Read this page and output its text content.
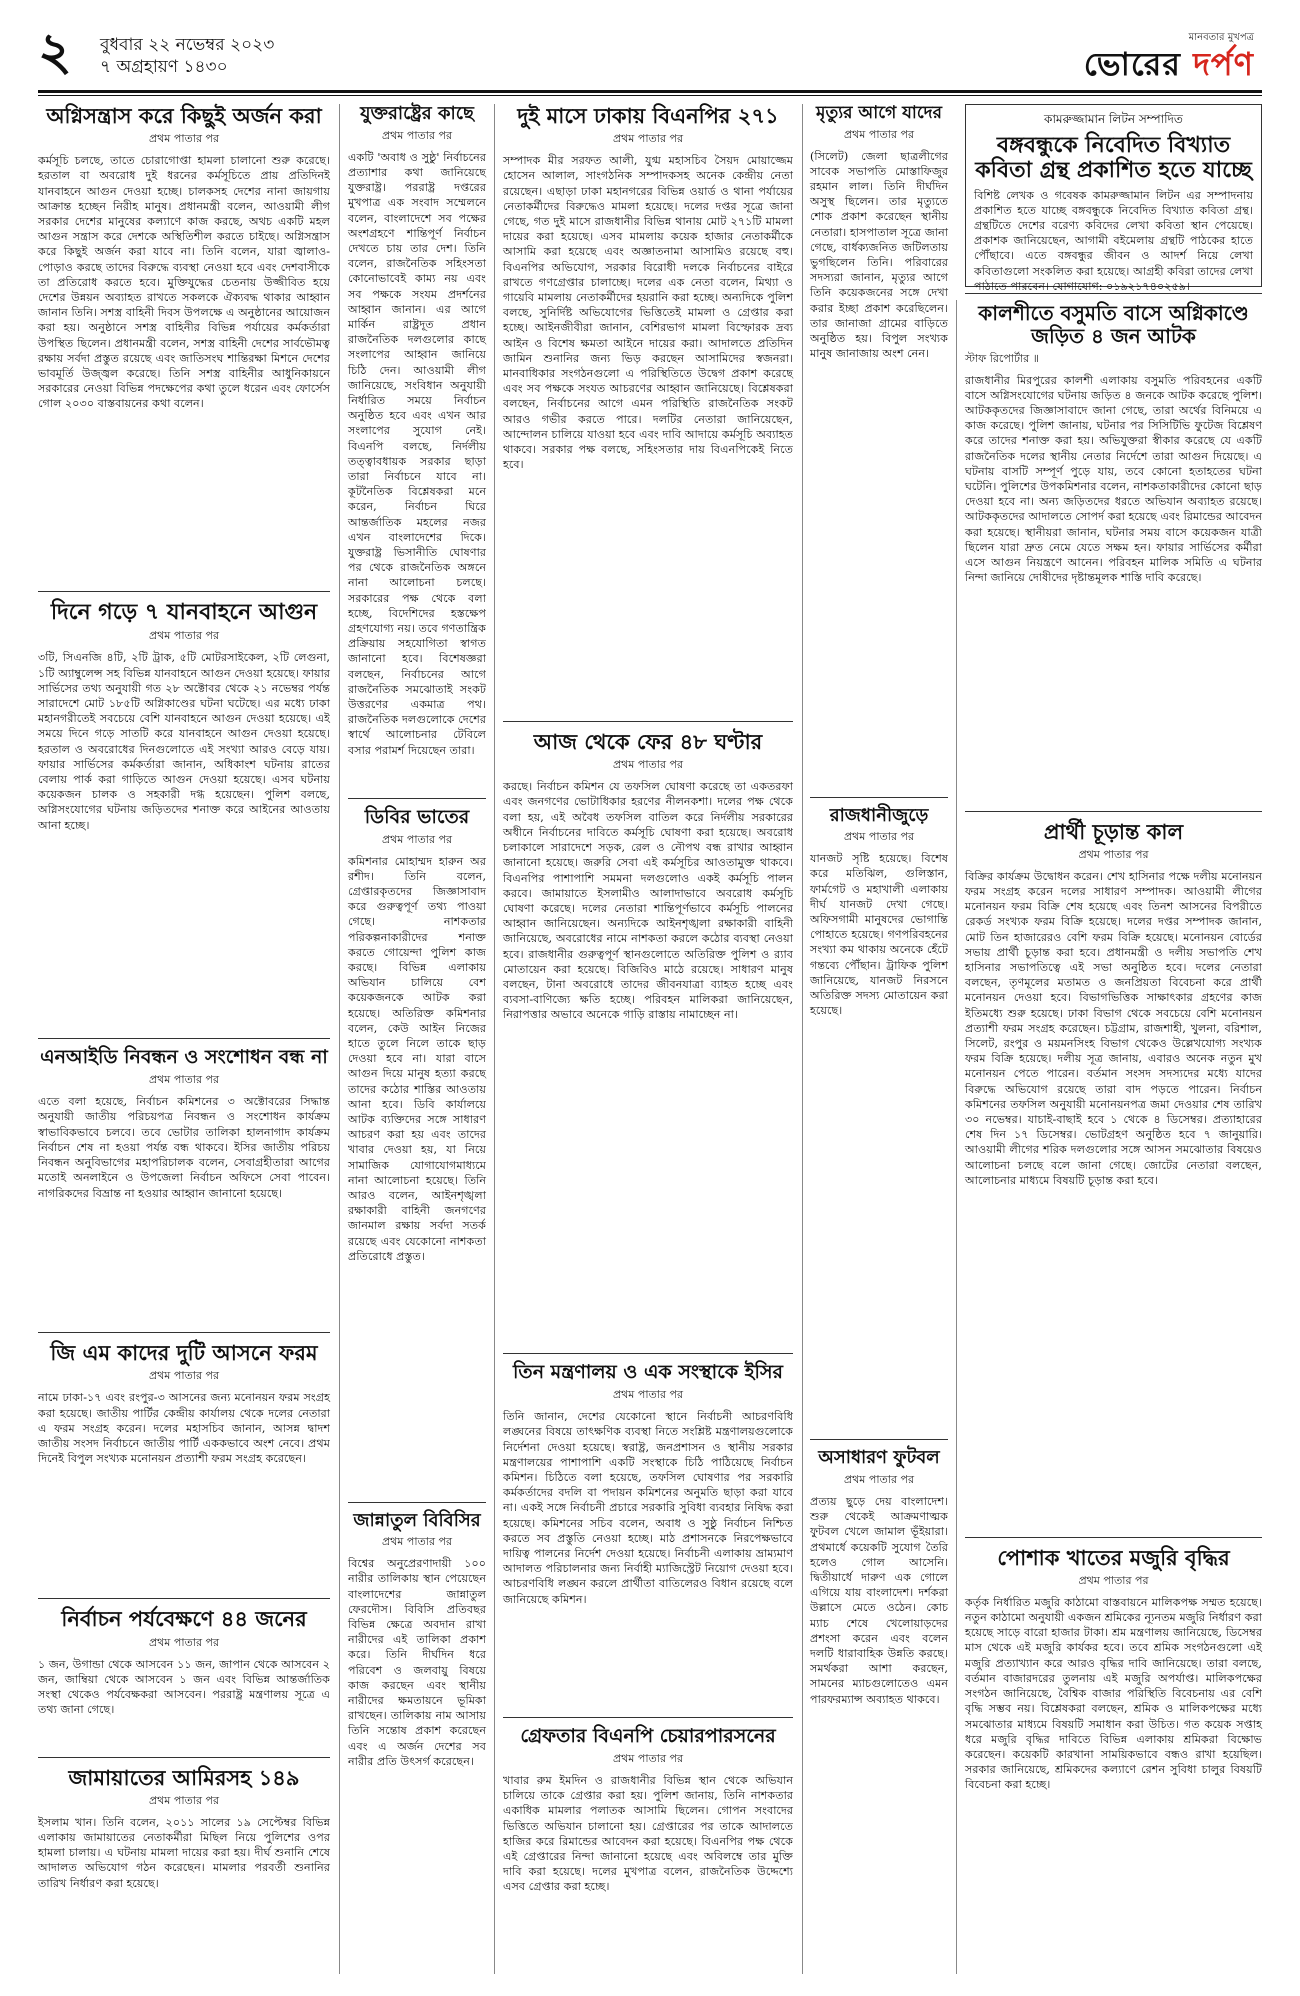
২ বুধবার ২২ নভেম্বর ২০২৩
৭ অগ্রহায়ণ ১৪৩০
মানবতার মুখপত্র
ভোরের দর্পণ
অগ্নিসন্ত্রাস করে কিছুই অর্জন করা
প্রথম পাতার পর

কর্মসূচি চলছে, তাতে চোরাগোপ্তা হামলা চালানো শুরু করেছে। হরতাল বা অবরোধ দুই ধরনের কর্মসূচিতে প্রায় প্রতিদিনই যানবাহনে আগুন দেওয়া হচ্ছে। চালকসহ দেশের নানা জায়গায় আক্রান্ত হচ্ছেন নিরীহ মানুষ। প্রধানমন্ত্রী বলেন, আওয়ামী লীগ সরকার দেশের মানুষের কল্যাণে কাজ করছে, অথচ একটি মহল আগুন সন্ত্রাস করে দেশকে অস্থিতিশীল করতে চাইছে। অগ্নিসন্ত্রাস করে কিছুই অর্জন করা যাবে না। তিনি বলেন, যারা জ্বালাও-পোড়াও করছে তাদের বিরুদ্ধে ব্যবস্থা নেওয়া হবে এবং দেশবাসীকে তা প্রতিরোধ করতে হবে। মুক্তিযুদ্ধের চেতনায় উজ্জীবিত হয়ে দেশের উন্নয়ন অব্যাহত রাখতে সকলকে ঐক্যবদ্ধ থাকার আহ্বান জানান তিনি। সশস্ত্র বাহিনী দিবস উপলক্ষে এ অনুষ্ঠানের আয়োজন করা হয়। অনুষ্ঠানে সশস্ত্র বাহিনীর বিভিন্ন পর্যায়ের কর্মকর্তারা উপস্থিত ছিলেন। প্রধানমন্ত্রী বলেন, সশস্ত্র বাহিনী দেশের সার্বভৌমত্ব রক্ষায় সর্বদা প্রস্তুত রয়েছে এবং জাতিসংঘ শান্তিরক্ষা মিশনে দেশের ভাবমূর্তি উজ্জ্বল করেছে। তিনি সশস্ত্র বাহিনীর আধুনিকায়নে সরকারের নেওয়া বিভিন্ন পদক্ষেপের কথা তুলে ধরেন এবং ফোর্সেস গোল ২০৩০ বাস্তবায়নের কথা বলেন।

দিনে গড়ে ৭ যানবাহনে আগুন
প্রথম পাতার পর

৩টি, সিএনজি ৪টি, ২টি ট্রাক, ৫টি মোটরসাইকেল, ২টি লেগুনা, ১টি অ্যাম্বুলেন্স সহ বিভিন্ন যানবাহনে আগুন দেওয়া হয়েছে। ফায়ার সার্ভিসের তথ্য অনুযায়ী গত ২৮ অক্টোবর থেকে ২১ নভেম্বর পর্যন্ত সারাদেশে মোট ১৮৫টি অগ্নিকাণ্ডের ঘটনা ঘটেছে। এর মধ্যে ঢাকা মহানগরীতেই সবচেয়ে বেশি যানবাহনে আগুন দেওয়া হয়েছে। এই সময়ে দিনে গড়ে সাতটি করে যানবাহনে আগুন দেওয়া হয়েছে। হরতাল ও অবরোধের দিনগুলোতে এই সংখ্যা আরও বেড়ে যায়। ফায়ার সার্ভিসের কর্মকর্তারা জানান, অধিকাংশ ঘটনায় রাতের বেলায় পার্ক করা গাড়িতে আগুন দেওয়া হয়েছে। এসব ঘটনায় কয়েকজন চালক ও সহকারী দগ্ধ হয়েছেন। পুলিশ বলছে, অগ্নিসংযোগের ঘটনায় জড়িতদের শনাক্ত করে আইনের আওতায় আনা হচ্ছে।

এনআইডি নিবন্ধন ও সংশোধন বন্ধ না
প্রথম পাতার পর

এতে বলা হয়েছে, নির্বাচন কমিশনের ৩ অক্টোবরের সিদ্ধান্ত অনুযায়ী জাতীয় পরিচয়পত্র নিবন্ধন ও সংশোধন কার্যক্রম স্বাভাবিকভাবে চলবে। তবে ভোটার তালিকা হালনাগাদ কার্যক্রম নির্বাচন শেষ না হওয়া পর্যন্ত বন্ধ থাকবে। ইসির জাতীয় পরিচয় নিবন্ধন অনুবিভাগের মহাপরিচালক বলেন, সেবাগ্রহীতারা আগের মতোই অনলাইনে ও উপজেলা নির্বাচন অফিসে সেবা পাবেন। নাগরিকদের বিভ্রান্ত না হওয়ার আহ্বান জানানো হয়েছে।

জি এম কাদের দুটি আসনে ফরম
প্রথম পাতার পর

নামে ঢাকা-১৭ এবং রংপুর-৩ আসনের জন্য মনোনয়ন ফরম সংগ্রহ করা হয়েছে। জাতীয় পার্টির কেন্দ্রীয় কার্যালয় থেকে দলের নেতারা এ ফরম সংগ্রহ করেন। দলের মহাসচিব জানান, আসন্ন দ্বাদশ জাতীয় সংসদ নির্বাচনে জাতীয় পার্টি এককভাবে অংশ নেবে। প্রথম দিনেই বিপুল সংখ্যক মনোনয়ন প্রত্যাশী ফরম সংগ্রহ করেছেন।

নির্বাচন পর্যবেক্ষণে ৪৪ জনের
প্রথম পাতার পর

১ জন, উগান্ডা থেকে আসবেন ১১ জন, জাপান থেকে আসবেন ২ জন, জাম্বিয়া থেকে আসবেন ১ জন এবং বিভিন্ন আন্তর্জাতিক সংস্থা থেকেও পর্যবেক্ষকরা আসবেন। পররাষ্ট্র মন্ত্রণালয় সূত্রে এ তথ্য জানা গেছে।

জামায়াতের আমিরসহ ১৪৯
প্রথম পাতার পর

ইসলাম খান। তিনি বলেন, ২০১১ সালের ১৯ সেপ্টেম্বর বিভিন্ন এলাকায় জামায়াতের নেতাকর্মীরা মিছিল নিয়ে পুলিশের ওপর হামলা চালায়। এ ঘটনায় মামলা দায়ের করা হয়। দীর্ঘ শুনানি শেষে আদালত অভিযোগ গঠন করেছেন। মামলার পরবর্তী শুনানির তারিখ নির্ধারণ করা হয়েছে।

যুক্তরাষ্ট্রের কাছে
প্রথম পাতার পর

একটি 'অবাধ ও সুষ্ঠু' নির্বাচনের প্রত্যাশার কথা জানিয়েছে যুক্তরাষ্ট্র। পররাষ্ট্র দপ্তরের মুখপাত্র এক সংবাদ সম্মেলনে বলেন, বাংলাদেশে সব পক্ষের অংশগ্রহণে শান্তিপূর্ণ নির্বাচন দেখতে চায় তার দেশ। তিনি বলেন, রাজনৈতিক সহিংসতা কোনোভাবেই কাম্য নয় এবং সব পক্ষকে সংযম প্রদর্শনের আহ্বান জানান। এর আগে মার্কিন রাষ্ট্রদূত প্রধান রাজনৈতিক দলগুলোর কাছে সংলাপের আহ্বান জানিয়ে চিঠি দেন। আওয়ামী লীগ জানিয়েছে, সংবিধান অনুযায়ী নির্ধারিত সময়ে নির্বাচন অনুষ্ঠিত হবে এবং এখন আর সংলাপের সুযোগ নেই। বিএনপি বলছে, নির্দলীয় তত্ত্বাবধায়ক সরকার ছাড়া তারা নির্বাচনে যাবে না। কূটনৈতিক বিশ্লেষকরা মনে করেন, নির্বাচন ঘিরে আন্তর্জাতিক মহলের নজর এখন বাংলাদেশের দিকে। যুক্তরাষ্ট্র ভিসানীতি ঘোষণার পর থেকে রাজনৈতিক অঙ্গনে নানা আলোচনা চলছে। সরকারের পক্ষ থেকে বলা হচ্ছে, বিদেশিদের হস্তক্ষেপ গ্রহণযোগ্য নয়। তবে গণতান্ত্রিক প্রক্রিয়ায় সহযোগিতা স্বাগত জানানো হবে। বিশেষজ্ঞরা বলছেন, নির্বাচনের আগে রাজনৈতিক সমঝোতাই সংকট উত্তরণের একমাত্র পথ। রাজনৈতিক দলগুলোকে দেশের স্বার্থে আলোচনার টেবিলে বসার পরামর্শ দিয়েছেন তারা।

ডিবির ভাতের
প্রথম পাতার পর

কমিশনার মোহাম্মদ হারুন অর রশীদ। তিনি বলেন, গ্রেপ্তারকৃতদের জিজ্ঞাসাবাদ করে গুরুত্বপূর্ণ তথ্য পাওয়া গেছে। নাশকতার পরিকল্পনাকারীদের শনাক্ত করতে গোয়েন্দা পুলিশ কাজ করছে। বিভিন্ন এলাকায় অভিযান চালিয়ে বেশ কয়েকজনকে আটক করা হয়েছে। অতিরিক্ত কমিশনার বলেন, কেউ আইন নিজের হাতে তুলে নিলে তাকে ছাড় দেওয়া হবে না। যারা বাসে আগুন দিয়ে মানুষ হত্যা করছে তাদের কঠোর শাস্তির আওতায় আনা হবে। ডিবি কার্যালয়ে আটক ব্যক্তিদের সঙ্গে সাধারণ আচরণ করা হয় এবং তাদের খাবার দেওয়া হয়, যা নিয়ে সামাজিক যোগাযোগমাধ্যমে নানা আলোচনা হয়েছে। তিনি আরও বলেন, আইনশৃঙ্খলা রক্ষাকারী বাহিনী জনগণের জানমাল রক্ষায় সর্বদা সতর্ক রয়েছে এবং যেকোনো নাশকতা প্রতিরোধে প্রস্তুত।

জান্নাতুল বিবিসির
প্রথম পাতার পর

বিশ্বের অনুপ্রেরণাদায়ী ১০০ নারীর তালিকায় স্থান পেয়েছেন বাংলাদেশের জান্নাতুল ফেরদৌস। বিবিসি প্রতিবছর বিভিন্ন ক্ষেত্রে অবদান রাখা নারীদের এই তালিকা প্রকাশ করে। তিনি দীর্ঘদিন ধরে পরিবেশ ও জলবায়ু বিষয়ে কাজ করছেন এবং স্থানীয় নারীদের ক্ষমতায়নে ভূমিকা রাখছেন। তালিকায় নাম আসায় তিনি সন্তোষ প্রকাশ করেছেন এবং এ অর্জন দেশের সব নারীর প্রতি উৎসর্গ করেছেন।

দুই মাসে ঢাকায় বিএনপির ২৭১
প্রথম পাতার পর

সম্পাদক মীর সরফত আলী, যুগ্ম মহাসচিব সৈয়দ মোয়াজ্জেম হোসেন আলাল, সাংগঠনিক সম্পাদকসহ অনেক কেন্দ্রীয় নেতা রয়েছেন। এছাড়া ঢাকা মহানগরের বিভিন্ন ওয়ার্ড ও থানা পর্যায়ের নেতাকর্মীদের বিরুদ্ধেও মামলা হয়েছে। দলের দপ্তর সূত্রে জানা গেছে, গত দুই মাসে রাজধানীর বিভিন্ন থানায় মোট ২৭১টি মামলা দায়ের করা হয়েছে। এসব মামলায় কয়েক হাজার নেতাকর্মীকে আসামি করা হয়েছে এবং অজ্ঞাতনামা আসামিও রয়েছে বহু। বিএনপির অভিযোগ, সরকার বিরোধী দলকে নির্বাচনের বাইরে রাখতে গণগ্রেপ্তার চালাচ্ছে। দলের এক নেতা বলেন, মিথ্যা ও গায়েবি মামলায় নেতাকর্মীদের হয়রানি করা হচ্ছে। অন্যদিকে পুলিশ বলছে, সুনির্দিষ্ট অভিযোগের ভিত্তিতেই মামলা ও গ্রেপ্তার করা হচ্ছে। আইনজীবীরা জানান, বেশিরভাগ মামলা বিস্ফোরক দ্রব্য আইন ও বিশেষ ক্ষমতা আইনে দায়ের করা। আদালতে প্রতিদিন জামিন শুনানির জন্য ভিড় করছেন আসামিদের স্বজনরা। মানবাধিকার সংগঠনগুলো এ পরিস্থিতিতে উদ্বেগ প্রকাশ করেছে এবং সব পক্ষকে সংযত আচরণের আহ্বান জানিয়েছে। বিশ্লেষকরা বলছেন, নির্বাচনের আগে এমন পরিস্থিতি রাজনৈতিক সংকট আরও গভীর করতে পারে। দলটির নেতারা জানিয়েছেন, আন্দোলন চালিয়ে যাওয়া হবে এবং দাবি আদায়ে কর্মসূচি অব্যাহত থাকবে। সরকার পক্ষ বলছে, সহিংসতার দায় বিএনপিকেই নিতে হবে।

আজ থেকে ফের ৪৮ ঘণ্টার
প্রথম পাতার পর

করছে। নির্বাচন কমিশন যে তফসিল ঘোষণা করেছে তা একতরফা এবং জনগণের ভোটাধিকার হরণের নীলনকশা। দলের পক্ষ থেকে বলা হয়, এই অবৈধ তফসিল বাতিল করে নির্দলীয় সরকারের অধীনে নির্বাচনের দাবিতে কর্মসূচি ঘোষণা করা হয়েছে। অবরোধ চলাকালে সারাদেশে সড়ক, রেল ও নৌপথ বন্ধ রাখার আহ্বান জানানো হয়েছে। জরুরি সেবা এই কর্মসূচির আওতামুক্ত থাকবে। বিএনপির পাশাপাশি সমমনা দলগুলোও একই কর্মসূচি পালন করবে। জামায়াতে ইসলামীও আলাদাভাবে অবরোধ কর্মসূচি ঘোষণা করেছে। দলের নেতারা শান্তিপূর্ণভাবে কর্মসূচি পালনের আহ্বান জানিয়েছেন। অন্যদিকে আইনশৃঙ্খলা রক্ষাকারী বাহিনী জানিয়েছে, অবরোধের নামে নাশকতা করলে কঠোর ব্যবস্থা নেওয়া হবে। রাজধানীর গুরুত্বপূর্ণ স্থানগুলোতে অতিরিক্ত পুলিশ ও র‌্যাব মোতায়েন করা হয়েছে। বিজিবিও মাঠে রয়েছে। সাধারণ মানুষ বলছেন, টানা অবরোধে তাদের জীবনযাত্রা ব্যাহত হচ্ছে এবং ব্যবসা-বাণিজ্যে ক্ষতি হচ্ছে। পরিবহন মালিকরা জানিয়েছেন, নিরাপত্তার অভাবে অনেকে গাড়ি রাস্তায় নামাচ্ছেন না।

তিন মন্ত্রণালয় ও এক সংস্থাকে ইসির
প্রথম পাতার পর

তিনি জানান, দেশের যেকোনো স্থানে নির্বাচনী আচরণবিধি লঙ্ঘনের বিষয়ে তাৎক্ষণিক ব্যবস্থা নিতে সংশ্লিষ্ট মন্ত্রণালয়গুলোকে নির্দেশনা দেওয়া হয়েছে। স্বরাষ্ট্র, জনপ্রশাসন ও স্থানীয় সরকার মন্ত্রণালয়ের পাশাপাশি একটি সংস্থাকে চিঠি পাঠিয়েছে নির্বাচন কমিশন। চিঠিতে বলা হয়েছে, তফসিল ঘোষণার পর সরকারি কর্মকর্তাদের বদলি বা পদায়ন কমিশনের অনুমতি ছাড়া করা যাবে না। একই সঙ্গে নির্বাচনী প্রচারে সরকারি সুবিধা ব্যবহার নিষিদ্ধ করা হয়েছে। কমিশনের সচিব বলেন, অবাধ ও সুষ্ঠু নির্বাচন নিশ্চিত করতে সব প্রস্তুতি নেওয়া হচ্ছে। মাঠ প্রশাসনকে নিরপেক্ষভাবে দায়িত্ব পালনের নির্দেশ দেওয়া হয়েছে। নির্বাচনী এলাকায় ভ্রাম্যমাণ আদালত পরিচালনার জন্য নির্বাহী ম্যাজিস্ট্রেট নিয়োগ দেওয়া হবে। আচরণবিধি লঙ্ঘন করলে প্রার্থীতা বাতিলেরও বিধান রয়েছে বলে জানিয়েছে কমিশন।

গ্রেফতার বিএনপি চেয়ারপারসনের
প্রথম পাতার পর

খাবার রুম ইমদিন ও রাজধানীর বিভিন্ন স্থান থেকে অভিযান চালিয়ে তাকে গ্রেপ্তার করা হয়। পুলিশ জানায়, তিনি নাশকতার একাধিক মামলার পলাতক আসামি ছিলেন। গোপন সংবাদের ভিত্তিতে অভিযান চালানো হয়। গ্রেপ্তারের পর তাকে আদালতে হাজির করে রিমান্ডের আবেদন করা হয়েছে। বিএনপির পক্ষ থেকে এই গ্রেপ্তারের নিন্দা জানানো হয়েছে এবং অবিলম্বে তার মুক্তি দাবি করা হয়েছে। দলের মুখপাত্র বলেন, রাজনৈতিক উদ্দেশ্যে এসব গ্রেপ্তার করা হচ্ছে।

মৃত্যুর আগে যাদের
প্রথম পাতার পর

(সিলেট) জেলা ছাত্রলীগের সাবেক সভাপতি মোস্তাফিজুর রহমান লাল। তিনি দীর্ঘদিন অসুস্থ ছিলেন। তার মৃত্যুতে শোক প্রকাশ করেছেন স্থানীয় নেতারা। হাসপাতাল সূত্রে জানা গেছে, বার্ধক্যজনিত জটিলতায় ভুগছিলেন তিনি। পরিবারের সদস্যরা জানান, মৃত্যুর আগে তিনি কয়েকজনের সঙ্গে দেখা করার ইচ্ছা প্রকাশ করেছিলেন। তার জানাজা গ্রামের বাড়িতে অনুষ্ঠিত হয়। বিপুল সংখ্যক মানুষ জানাজায় অংশ নেন।

রাজধানীজুড়ে
প্রথম পাতার পর

যানজট সৃষ্টি হয়েছে। বিশেষ করে মতিঝিল, গুলিস্তান, ফার্মগেট ও মহাখালী এলাকায় দীর্ঘ যানজট দেখা গেছে। অফিসগামী মানুষদের ভোগান্তি পোহাতে হয়েছে। গণপরিবহনের সংখ্যা কম থাকায় অনেকে হেঁটে গন্তব্যে পৌঁছান। ট্রাফিক পুলিশ জানিয়েছে, যানজট নিরসনে অতিরিক্ত সদস্য মোতায়েন করা হয়েছে।

অসাধারণ ফুটবল
প্রথম পাতার পর

প্রত্যয় ছুড়ে দেয় বাংলাদেশ। শুরু থেকেই আক্রমণাত্মক ফুটবল খেলে জামাল ভূঁইয়ারা। প্রথমার্ধে কয়েকটি সুযোগ তৈরি হলেও গোল আসেনি। দ্বিতীয়ার্ধে দারুণ এক গোলে এগিয়ে যায় বাংলাদেশ। দর্শকরা উল্লাসে মেতে ওঠেন। কোচ ম্যাচ শেষে খেলোয়াড়দের প্রশংসা করেন এবং বলেন দলটি ধারাবাহিক উন্নতি করছে। সমর্থকরা আশা করছেন, সামনের ম্যাচগুলোতেও এমন পারফরম্যান্স অব্যাহত থাকবে।

কামরুজ্জামান লিটন সম্পাদিত
বঙ্গবন্ধুকে নিবেদিত বিখ্যাত কবিতা গ্রন্থ প্রকাশিত হতে যাচ্ছে

বিশিষ্ট লেখক ও গবেষক কামরুজ্জামান লিটন এর সম্পাদনায় প্রকাশিত হতে যাচ্ছে বঙ্গবন্ধুকে নিবেদিত বিখ্যাত কবিতা গ্রন্থ। গ্রন্থটিতে দেশের বরেণ্য কবিদের লেখা কবিতা স্থান পেয়েছে। প্রকাশক জানিয়েছেন, আগামী বইমেলায় গ্রন্থটি পাঠকের হাতে পৌঁছাবে। এতে বঙ্গবন্ধুর জীবন ও আদর্শ নিয়ে লেখা কবিতাগুলো সংকলিত করা হয়েছে। আগ্রহী কবিরা তাদের লেখা পাঠাতে পারবেন। যোগাযোগ: ০১৯২১৭৪০২৫৯।

কালশীতে বসুমতি বাসে অগ্নিকাণ্ডে জড়িত ৪ জন আটক
স্টাফ রিপোর্টার ॥

রাজধানীর মিরপুরের কালশী এলাকায় বসুমতি পরিবহনের একটি বাসে অগ্নিসংযোগের ঘটনায় জড়িত ৪ জনকে আটক করেছে পুলিশ। আটককৃতদের জিজ্ঞাসাবাদে জানা গেছে, তারা অর্থের বিনিময়ে এ কাজ করেছে। পুলিশ জানায়, ঘটনার পর সিসিটিভি ফুটেজ বিশ্লেষণ করে তাদের শনাক্ত করা হয়। অভিযুক্তরা স্বীকার করেছে যে একটি রাজনৈতিক দলের স্থানীয় নেতার নির্দেশে তারা আগুন দিয়েছে। এ ঘটনায় বাসটি সম্পূর্ণ পুড়ে যায়, তবে কোনো হতাহতের ঘটনা ঘটেনি। পুলিশের উপকমিশনার বলেন, নাশকতাকারীদের কোনো ছাড় দেওয়া হবে না। অন্য জড়িতদের ধরতে অভিযান অব্যাহত রয়েছে। আটককৃতদের আদালতে সোপর্দ করা হয়েছে এবং রিমান্ডের আবেদন করা হয়েছে। স্থানীয়রা জানান, ঘটনার সময় বাসে কয়েকজন যাত্রী ছিলেন যারা দ্রুত নেমে যেতে সক্ষম হন। ফায়ার সার্ভিসের কর্মীরা এসে আগুন নিয়ন্ত্রণে আনেন। পরিবহন মালিক সমিতি এ ঘটনার নিন্দা জানিয়ে দোষীদের দৃষ্টান্তমূলক শাস্তি দাবি করেছে।

প্রার্থী চূড়ান্ত কাল
প্রথম পাতার পর

বিক্রির কার্যক্রম উদ্বোধন করেন। শেখ হাসিনার পক্ষে দলীয় মনোনয়ন ফরম সংগ্রহ করেন দলের সাধারণ সম্পাদক। আওয়ামী লীগের মনোনয়ন ফরম বিক্রি শেষ হয়েছে এবং তিনশ আসনের বিপরীতে রেকর্ড সংখ্যক ফরম বিক্রি হয়েছে। দলের দপ্তর সম্পাদক জানান, মোট তিন হাজারেরও বেশি ফরম বিক্রি হয়েছে। মনোনয়ন বোর্ডের সভায় প্রার্থী চূড়ান্ত করা হবে। প্রধানমন্ত্রী ও দলীয় সভাপতি শেখ হাসিনার সভাপতিত্বে এই সভা অনুষ্ঠিত হবে। দলের নেতারা বলছেন, তৃণমূলের মতামত ও জনপ্রিয়তা বিবেচনা করে প্রার্থী মনোনয়ন দেওয়া হবে। বিভাগভিত্তিক সাক্ষাৎকার গ্রহণের কাজ ইতিমধ্যে শুরু হয়েছে। ঢাকা বিভাগ থেকে সবচেয়ে বেশি মনোনয়ন প্রত্যাশী ফরম সংগ্রহ করেছেন। চট্টগ্রাম, রাজশাহী, খুলনা, বরিশাল, সিলেট, রংপুর ও ময়মনসিংহ বিভাগ থেকেও উল্লেখযোগ্য সংখ্যক ফরম বিক্রি হয়েছে। দলীয় সূত্র জানায়, এবারও অনেক নতুন মুখ মনোনয়ন পেতে পারেন। বর্তমান সংসদ সদস্যদের মধ্যে যাদের বিরুদ্ধে অভিযোগ রয়েছে তারা বাদ পড়তে পারেন। নির্বাচন কমিশনের তফসিল অনুযায়ী মনোনয়নপত্র জমা দেওয়ার শেষ তারিখ ৩০ নভেম্বর। যাচাই-বাছাই হবে ১ থেকে ৪ ডিসেম্বর। প্রত্যাহারের শেষ দিন ১৭ ডিসেম্বর। ভোটগ্রহণ অনুষ্ঠিত হবে ৭ জানুয়ারি। আওয়ামী লীগের শরিক দলগুলোর সঙ্গে আসন সমঝোতার বিষয়েও আলোচনা চলছে বলে জানা গেছে। জোটের নেতারা বলছেন, আলোচনার মাধ্যমে বিষয়টি চূড়ান্ত করা হবে।

পোশাক খাতের মজুরি বৃদ্ধির
প্রথম পাতার পর

কর্তৃক নির্ধারিত মজুরি কাঠামো বাস্তবায়নে মালিকপক্ষ সম্মত হয়েছে। নতুন কাঠামো অনুযায়ী একজন শ্রমিকের ন্যূনতম মজুরি নির্ধারণ করা হয়েছে সাড়ে বারো হাজার টাকা। শ্রম মন্ত্রণালয় জানিয়েছে, ডিসেম্বর মাস থেকে এই মজুরি কার্যকর হবে। তবে শ্রমিক সংগঠনগুলো এই মজুরি প্রত্যাখ্যান করে আরও বৃদ্ধির দাবি জানিয়েছে। তারা বলছে, বর্তমান বাজারদরের তুলনায় এই মজুরি অপর্যাপ্ত। মালিকপক্ষের সংগঠন জানিয়েছে, বৈশ্বিক বাজার পরিস্থিতি বিবেচনায় এর বেশি বৃদ্ধি সম্ভব নয়। বিশ্লেষকরা বলছেন, শ্রমিক ও মালিকপক্ষের মধ্যে সমঝোতার মাধ্যমে বিষয়টি সমাধান করা উচিত। গত কয়েক সপ্তাহ ধরে মজুরি বৃদ্ধির দাবিতে বিভিন্ন এলাকায় শ্রমিকরা বিক্ষোভ করেছেন। কয়েকটি কারখানা সাময়িকভাবে বন্ধও রাখা হয়েছিল। সরকার জানিয়েছে, শ্রমিকদের কল্যাণে রেশন সুবিধা চালুর বিষয়টি বিবেচনা করা হচ্ছে।
